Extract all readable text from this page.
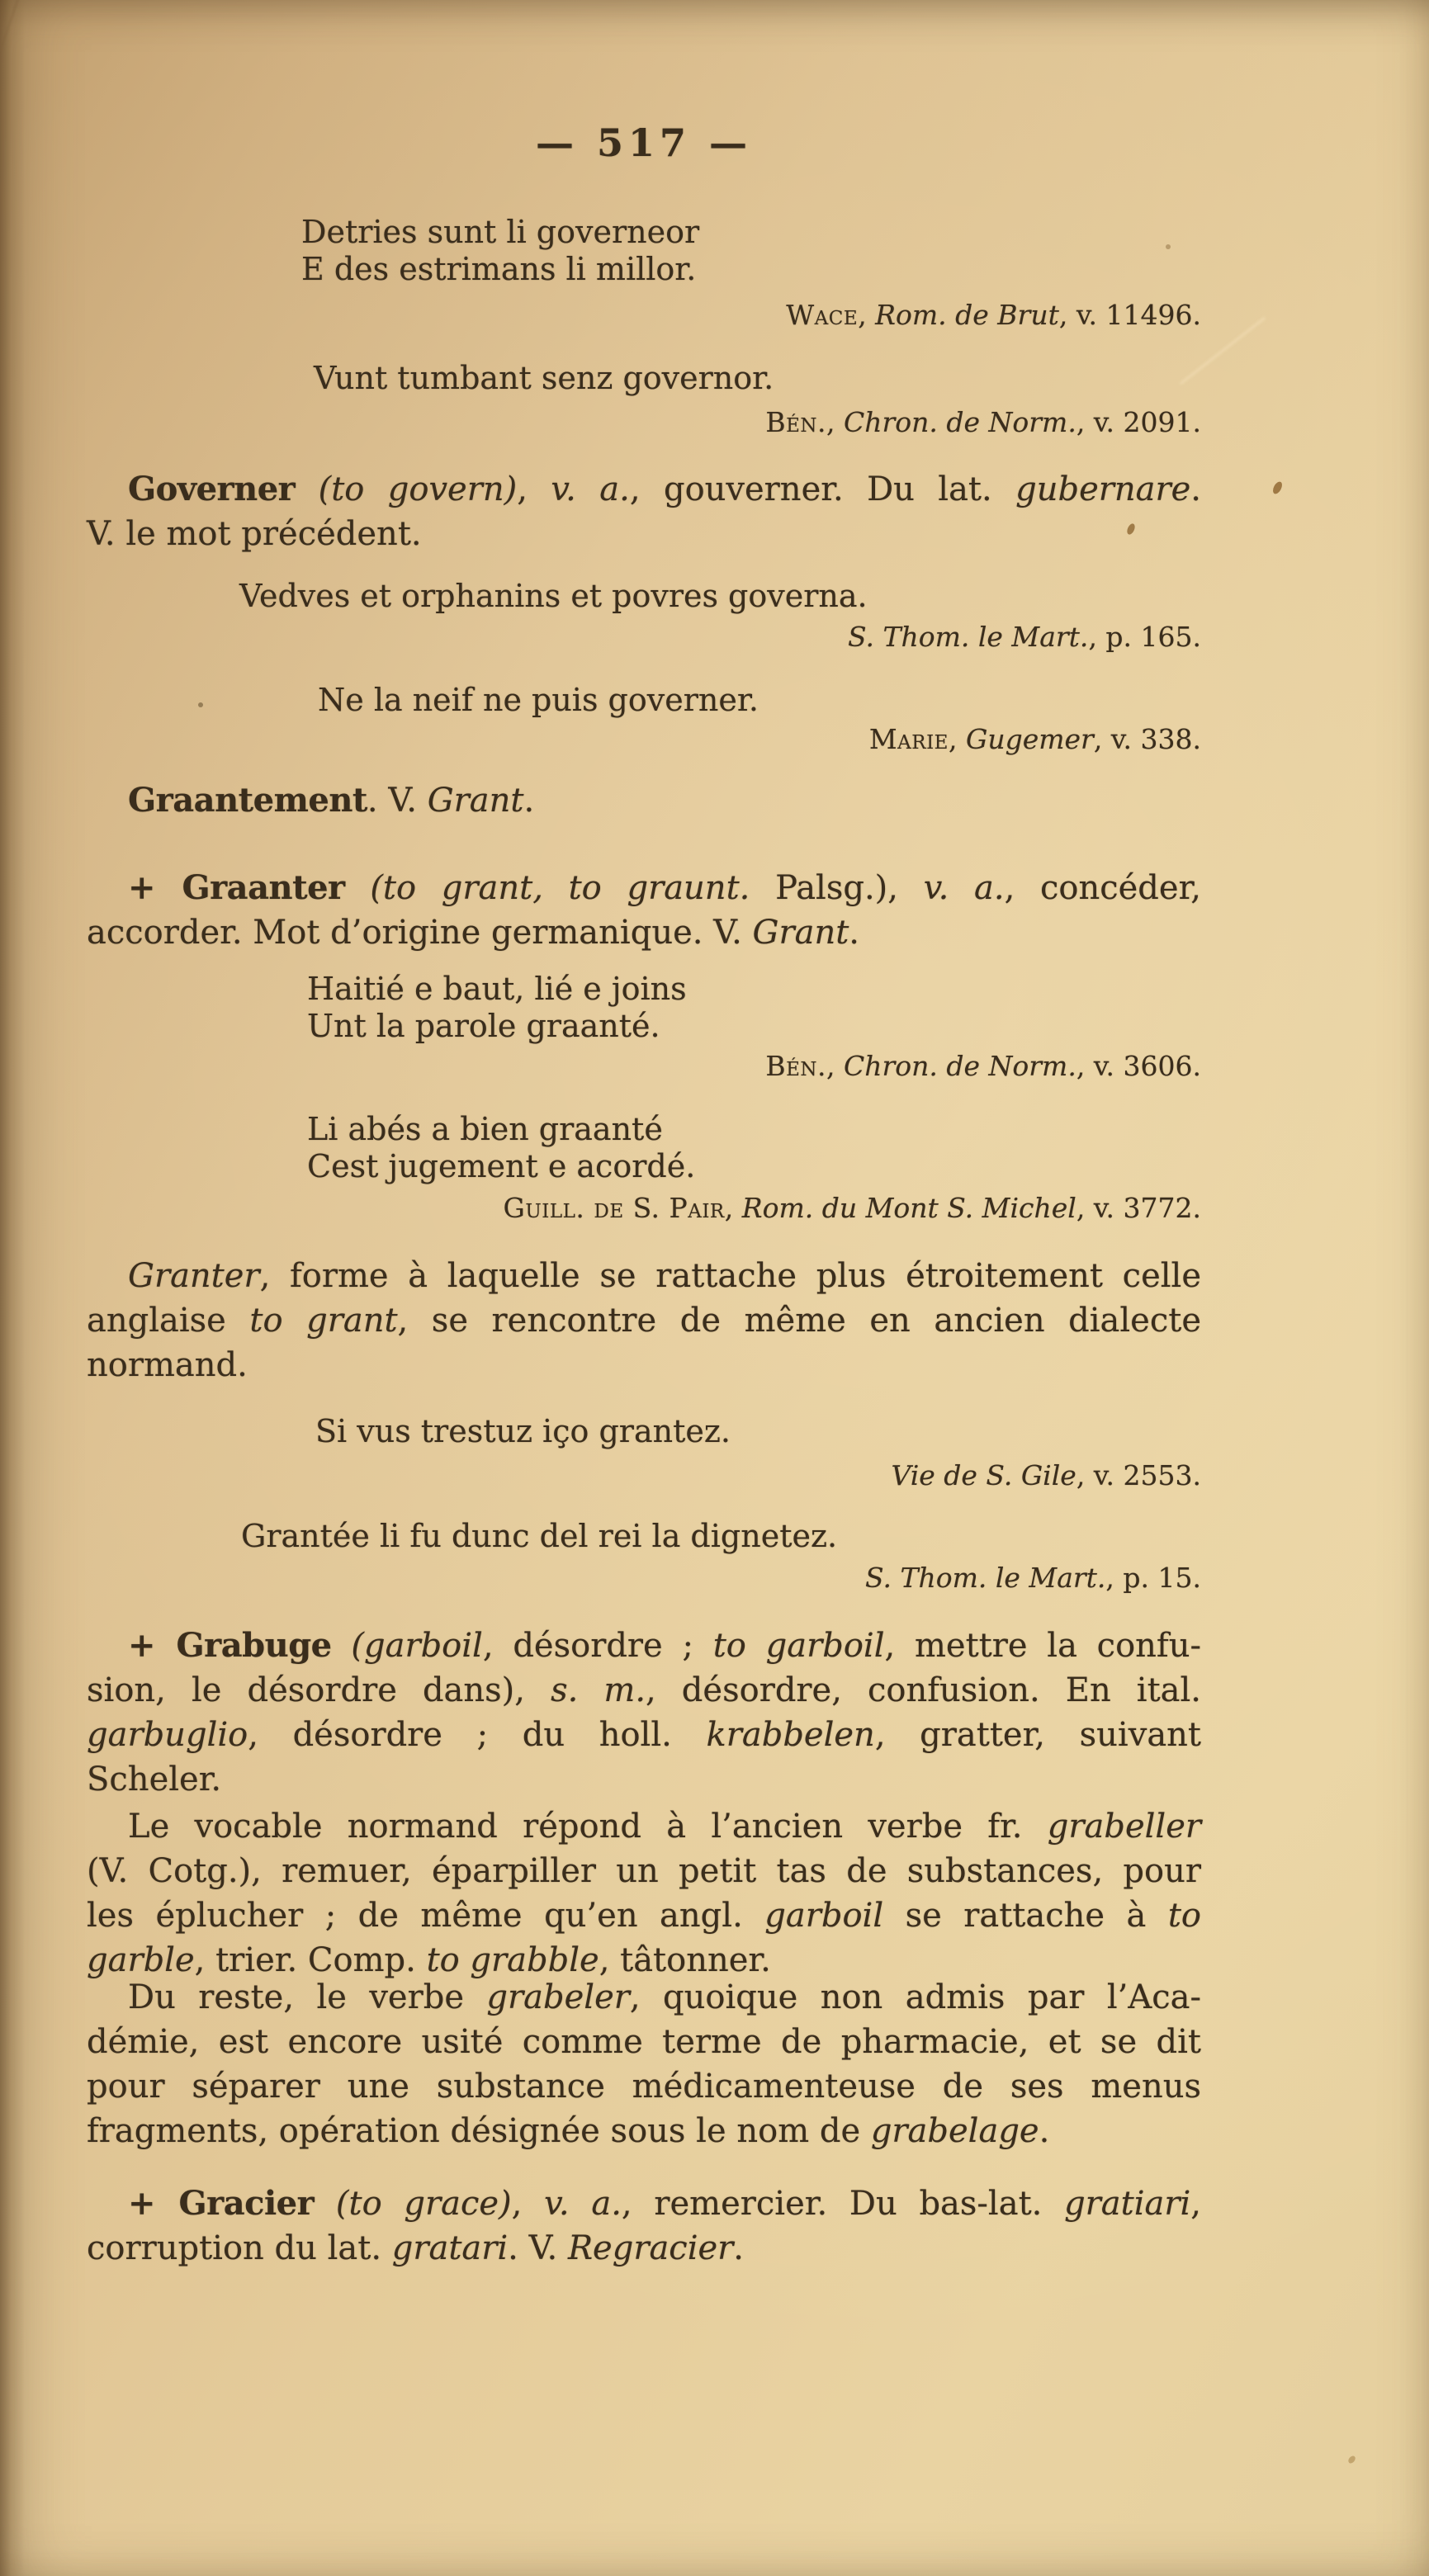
— 517 —
Detries sunt li governeor
E des estrimans li millor.
Wace, Rom. de Brut, v. 11496.
Vunt tumbant senz governor.
Bén., Chron. de Norm., v. 2091.
Governer (to govern), v. a., gouverner. Du lat. gubernare.
V. le mot précédent.
Vedves et orphanins et povres governa.
S. Thom. le Mart., p. 165.
Ne la neif ne puis governer.
Marie, Gugemer, v. 338.
Graantement. V. Grant.
+ Graanter (to grant, to graunt. Palsg.), v. a., concéder,
accorder. Mot d’origine germanique. V. Grant.
Haitié e baut, lié e joins
Unt la parole graanté.
Bén., Chron. de Norm., v. 3606.
Li abés a bien graanté
Cest jugement e acordé.
Guill. de S. Pair, Rom. du Mont S. Michel, v. 3772.
Granter, forme à laquelle se rattache plus étroitement celle
anglaise to grant, se rencontre de même en ancien dialecte
normand.
Si vus trestuz iço grantez.
Vie de S. Gile, v. 2553.
Grantée li fu dunc del rei la dignetez.
S. Thom. le Mart., p. 15.
+ Grabuge (garboil, désordre ; to garboil, mettre la confu-
sion, le désordre dans), s. m., désordre, confusion. En ital.
garbuglio, désordre ; du holl. krabbelen, gratter, suivant
Scheler.
Le vocable normand répond à l’ancien verbe fr. grabeller
(V. Cotg.), remuer, éparpiller un petit tas de substances, pour
les éplucher ; de même qu’en angl. garboil se rattache à to
garble, trier. Comp. to grabble, tâtonner.
Du reste, le verbe grabeler, quoique non admis par l’Aca-
démie, est encore usité comme terme de pharmacie, et se dit
pour séparer une substance médicamenteuse de ses menus
fragments, opération désignée sous le nom de grabelage.
+ Gracier (to grace), v. a., remercier. Du bas-lat. gratiari,
corruption du lat. gratari. V. Regracier.
